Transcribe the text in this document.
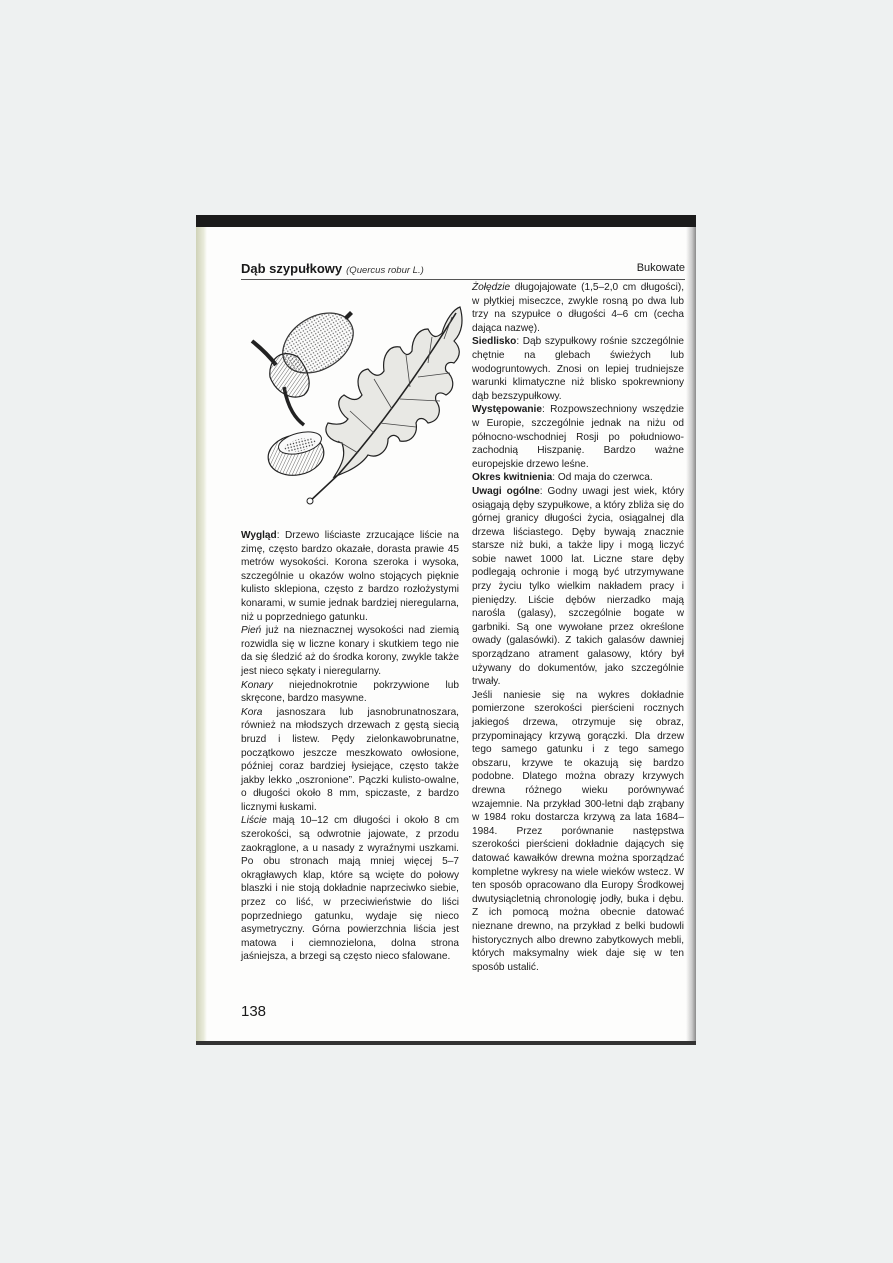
Dąb szypułkowy (Quercus robur L.)	Bukowate

Wygląd: Drzewo liściaste zrzucające liście na zimę, często bardzo okazałe, dorasta prawie 45 metrów wysokości. Korona szeroka i wysoka, szczególnie u okazów wolno stojących pięknie kulisto sklepiona, często z bardzo rozłożystymi konarami, w sumie jednak bardziej nieregularna, niż u poprzedniego gatunku.

Pień już na nieznacznej wysokości nad ziemią rozwidla się w liczne konary i skutkiem tego nie da się śledzić aż do środka korony, zwykle także jest nieco sękaty i nieregularny.

Konary niejednokrotnie pokrzywione lub skręcone, bardzo masywne.

Kora jasnoszara lub jasnobrunatnoszara, również na młodszych drzewach z gęstą siecią bruzd i listew. Pędy zielonkawobrunatne, początkowo jeszcze meszkowato owłosione, później coraz bardziej łysiejące, często także jakby lekko „oszronione”. Pączki kulisto-owalne, o długości około 8 mm, spiczaste, z bardzo licznymi łuskami.

Liście mają 10–12 cm długości i około 8 cm szerokości, są odwrotnie jajowate, z przodu zaokrąglone, a u nasady z wyraźnymi uszkami. Po obu stronach mają mniej więcej 5–7 okrągławych klap, które są wcięte do połowy blaszki i nie stoją dokładnie naprzeciwko siebie, przez co liść, w przeciwieństwie do liści poprzedniego gatunku, wydaje się nieco asymetryczny. Górna powierzchnia liścia jest matowa i ciemnozielona, dolna strona jaśniejsza, a brzegi są często nieco sfalowane.

Żołędzie długojajowate (1,5–2,0 cm długości), w płytkiej miseczce, zwykle rosną po dwa lub trzy na szypułce o długości 4–6 cm (cecha dająca nazwę).

Siedlisko: Dąb szypułkowy rośnie szczególnie chętnie na glebach świeżych lub wodogruntowych. Znosi on lepiej trudniejsze warunki klimatyczne niż blisko spokrewniony dąb bezszypułkowy.

Występowanie: Rozpowszechniony wszędzie w Europie, szczególnie jednak na niżu od północno-wschodniej Rosji po południowo-zachodnią Hiszpanię. Bardzo ważne europejskie drzewo leśne.

Okres kwitnienia: Od maja do czerwca.

Uwagi ogólne: Godny uwagi jest wiek, który osiągają dęby szypułkowe, a który zbliża się do górnej granicy długości życia, osiągalnej dla drzewa liściastego. Dęby bywają znacznie starsze niż buki, a także lipy i mogą liczyć sobie nawet 1000 lat. Liczne stare dęby podlegają ochronie i mogą być utrzymywane przy życiu tylko wielkim nakładem pracy i pieniędzy. Liście dębów nierzadko mają narośla (galasy), szczególnie bogate w garbniki. Są one wywołane przez określone owady (galasówki). Z takich galasów dawniej sporządzano atrament galasowy, który był używany do dokumentów, jako szczególnie trwały.

Jeśli naniesie się na wykres dokładnie pomierzone szerokości pierścieni rocznych jakiegoś drzewa, otrzymuje się obraz, przypominający krzywą gorączki. Dla drzew tego samego gatunku i z tego samego obszaru, krzywe te okazują się bardzo podobne. Dlatego można obrazy krzywych drewna różnego wieku porównywać wzajemnie. Na przykład 300-letni dąb zrąbany w 1984 roku dostarcza krzywą za lata 1684–1984. Przez porównanie następstwa szerokości pierścieni dokładnie dających się datować kawałków drewna można sporządzać kompletne wykresy na wiele wieków wstecz. W ten sposób opracowano dla Europy Środkowej dwutysiącletnią chronologię jodły, buka i dębu. Z ich pomocą można obecnie datować nieznane drewno, na przykład z belki budowli historycznych albo drewno zabytkowych mebli, których maksymalny wiek daje się w ten sposób ustalić.

138
